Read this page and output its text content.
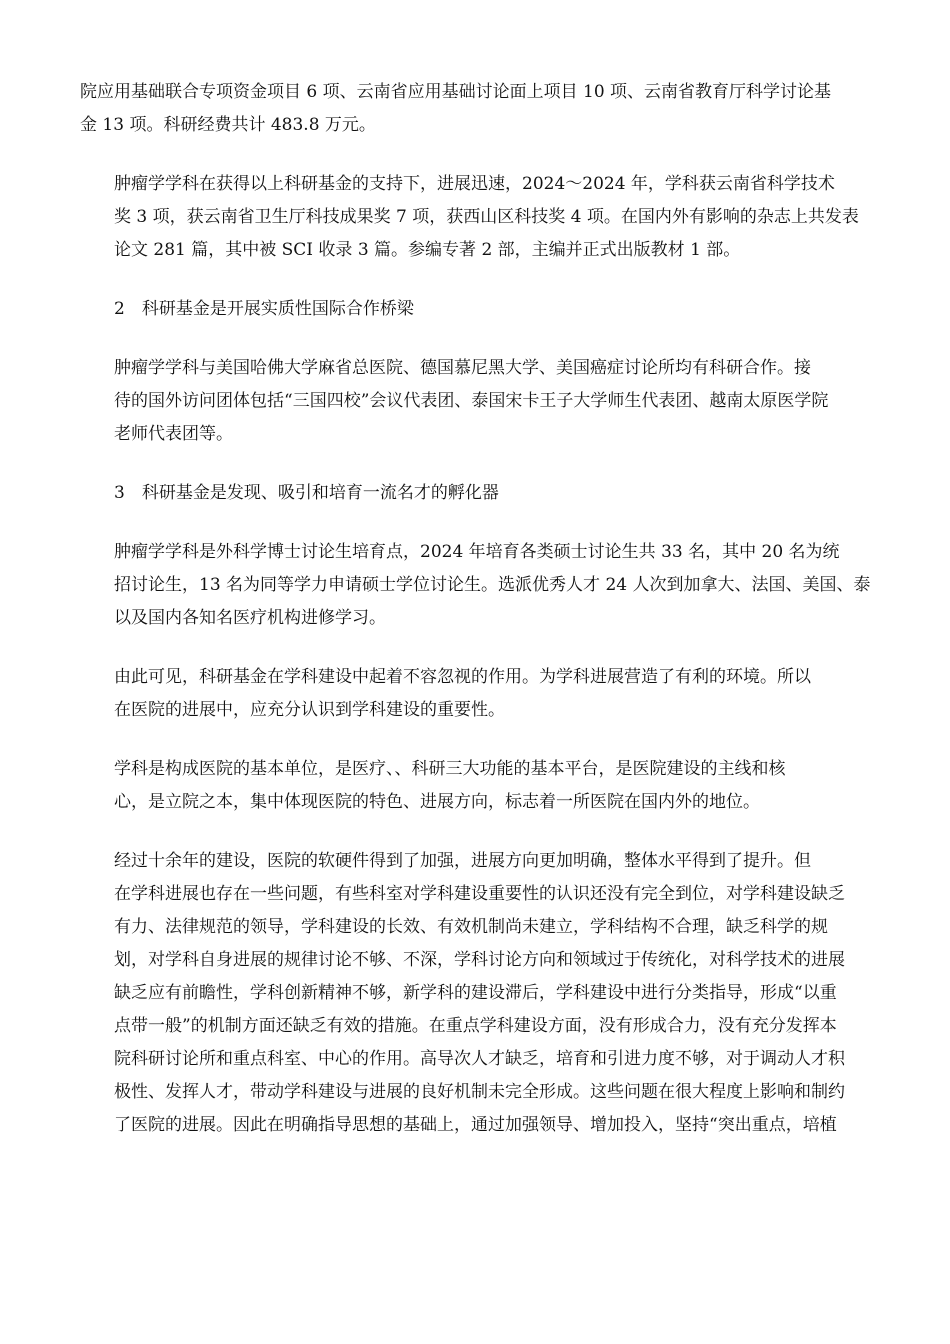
院应用基础联合专项资金项目 6 项、云南省应用基础讨论面上项目 10 项、云南省教育厅科学讨论基
金 13 项。科研经费共计 483.8 万元。

肿瘤学学科在获得以上科研基金的支持下，进展迅速，2024～2024 年，学科获云南省科学技术
奖 3 项，获云南省卫生厅科技成果奖 7 项，获西山区科技奖 4 项。在国内外有影响的杂志上共发表
论文 281 篇，其中被 SCI 收录 3 篇。参编专著 2 部，主编并正式出版教材 1 部。

2　科研基金是开展实质性国际合作桥梁

肿瘤学学科与美国哈佛大学麻省总医院、德国慕尼黑大学、美国癌症讨论所均有科研合作。接
待的国外访问团体包括“三国四校”会议代表团、泰国宋卡王子大学师生代表团、越南太原医学院
老师代表团等。

3　科研基金是发现、吸引和培育一流名才的孵化器

肿瘤学学科是外科学博士讨论生培育点，2024 年培育各类硕士讨论生共 33 名，其中 20 名为统
招讨论生，13 名为同等学力申请硕士学位讨论生。选派优秀人才 24 人次到加拿大、法国、美国、泰
以及国内各知名医疗机构进修学习。

由此可见，科研基金在学科建设中起着不容忽视的作用。为学科进展营造了有利的环境。所以
在医院的进展中，应充分认识到学科建设的重要性。

学科是构成医院的基本单位，是医疗、、科研三大功能的基本平台，是医院建设的主线和核
心，是立院之本，集中体现医院的特色、进展方向，标志着一所医院在国内外的地位。

经过十余年的建设，医院的软硬件得到了加强，进展方向更加明确，整体水平得到了提升。但
在学科进展也存在一些问题，有些科室对学科建设重要性的认识还没有完全到位，对学科建设缺乏
有力、法律规范的领导，学科建设的长效、有效机制尚未建立，学科结构不合理，缺乏科学的规
划，对学科自身进展的规律讨论不够、不深，学科讨论方向和领域过于传统化，对科学技术的进展
缺乏应有前瞻性，学科创新精神不够，新学科的建设滞后，学科建设中进行分类指导，形成“以重
点带一般”的机制方面还缺乏有效的措施。在重点学科建设方面，没有形成合力，没有充分发挥本
院科研讨论所和重点科室、中心的作用。高导次人才缺乏，培育和引进力度不够，对于调动人才积
极性、发挥人才，带动学科建设与进展的良好机制未完全形成。这些问题在很大程度上影响和制约
了医院的进展。因此在明确指导思想的基础上，通过加强领导、增加投入，坚持“突出重点，培植
